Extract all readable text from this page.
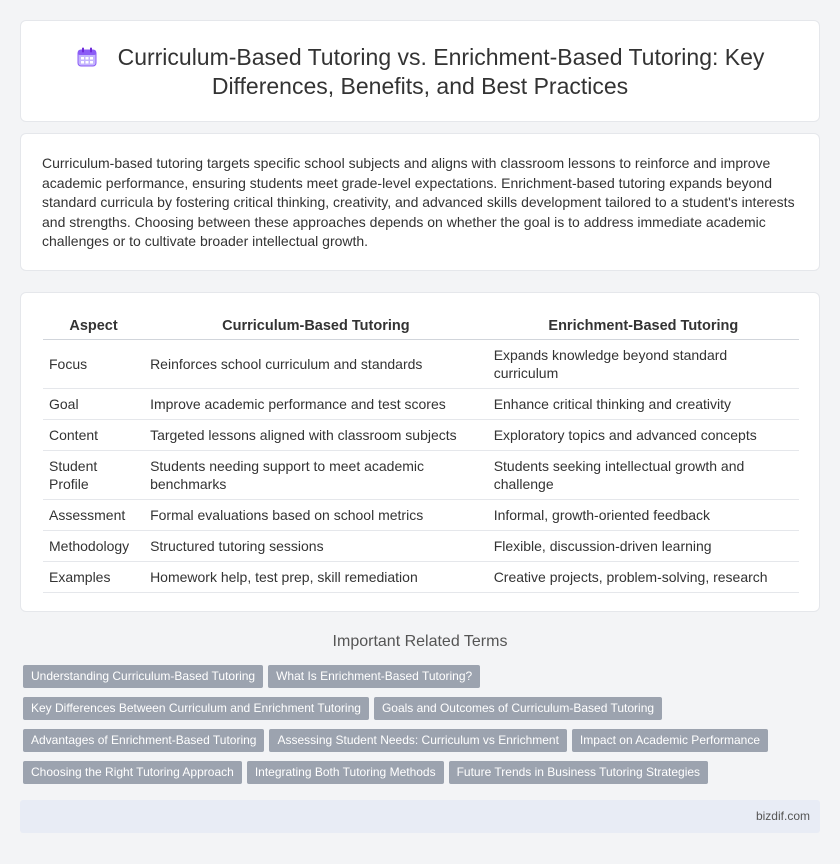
Curriculum-Based Tutoring vs. Enrichment-Based Tutoring: Key Differences, Benefits, and Best Practices

Curriculum-based tutoring targets specific school subjects and aligns with classroom lessons to reinforce and improve academic performance, ensuring students meet grade-level expectations. Enrichment-based tutoring expands beyond standard curricula by fostering critical thinking, creativity, and advanced skills development tailored to a student's interests and strengths. Choosing between these approaches depends on whether the goal is to address immediate academic challenges or to cultivate broader intellectual growth.

Aspect	Curriculum-Based Tutoring	Enrichment-Based Tutoring
Focus	Reinforces school curriculum and standards	Expands knowledge beyond standard curriculum
Goal	Improve academic performance and test scores	Enhance critical thinking and creativity
Content	Targeted lessons aligned with classroom subjects	Exploratory topics and advanced concepts
Student Profile	Students needing support to meet academic benchmarks	Students seeking intellectual growth and challenge
Assessment	Formal evaluations based on school metrics	Informal, growth-oriented feedback
Methodology	Structured tutoring sessions	Flexible, discussion-driven learning
Examples	Homework help, test prep, skill remediation	Creative projects, problem-solving, research
Important Related Terms
Understanding Curriculum-Based Tutoring What Is Enrichment-Based Tutoring?
Key Differences Between Curriculum and Enrichment Tutoring Goals and Outcomes of Curriculum-Based Tutoring
Advantages of Enrichment-Based Tutoring Assessing Student Needs: Curriculum vs Enrichment Impact on Academic Performance
Choosing the Right Tutoring Approach Integrating Both Tutoring Methods Future Trends in Business Tutoring Strategies
bizdif.com
